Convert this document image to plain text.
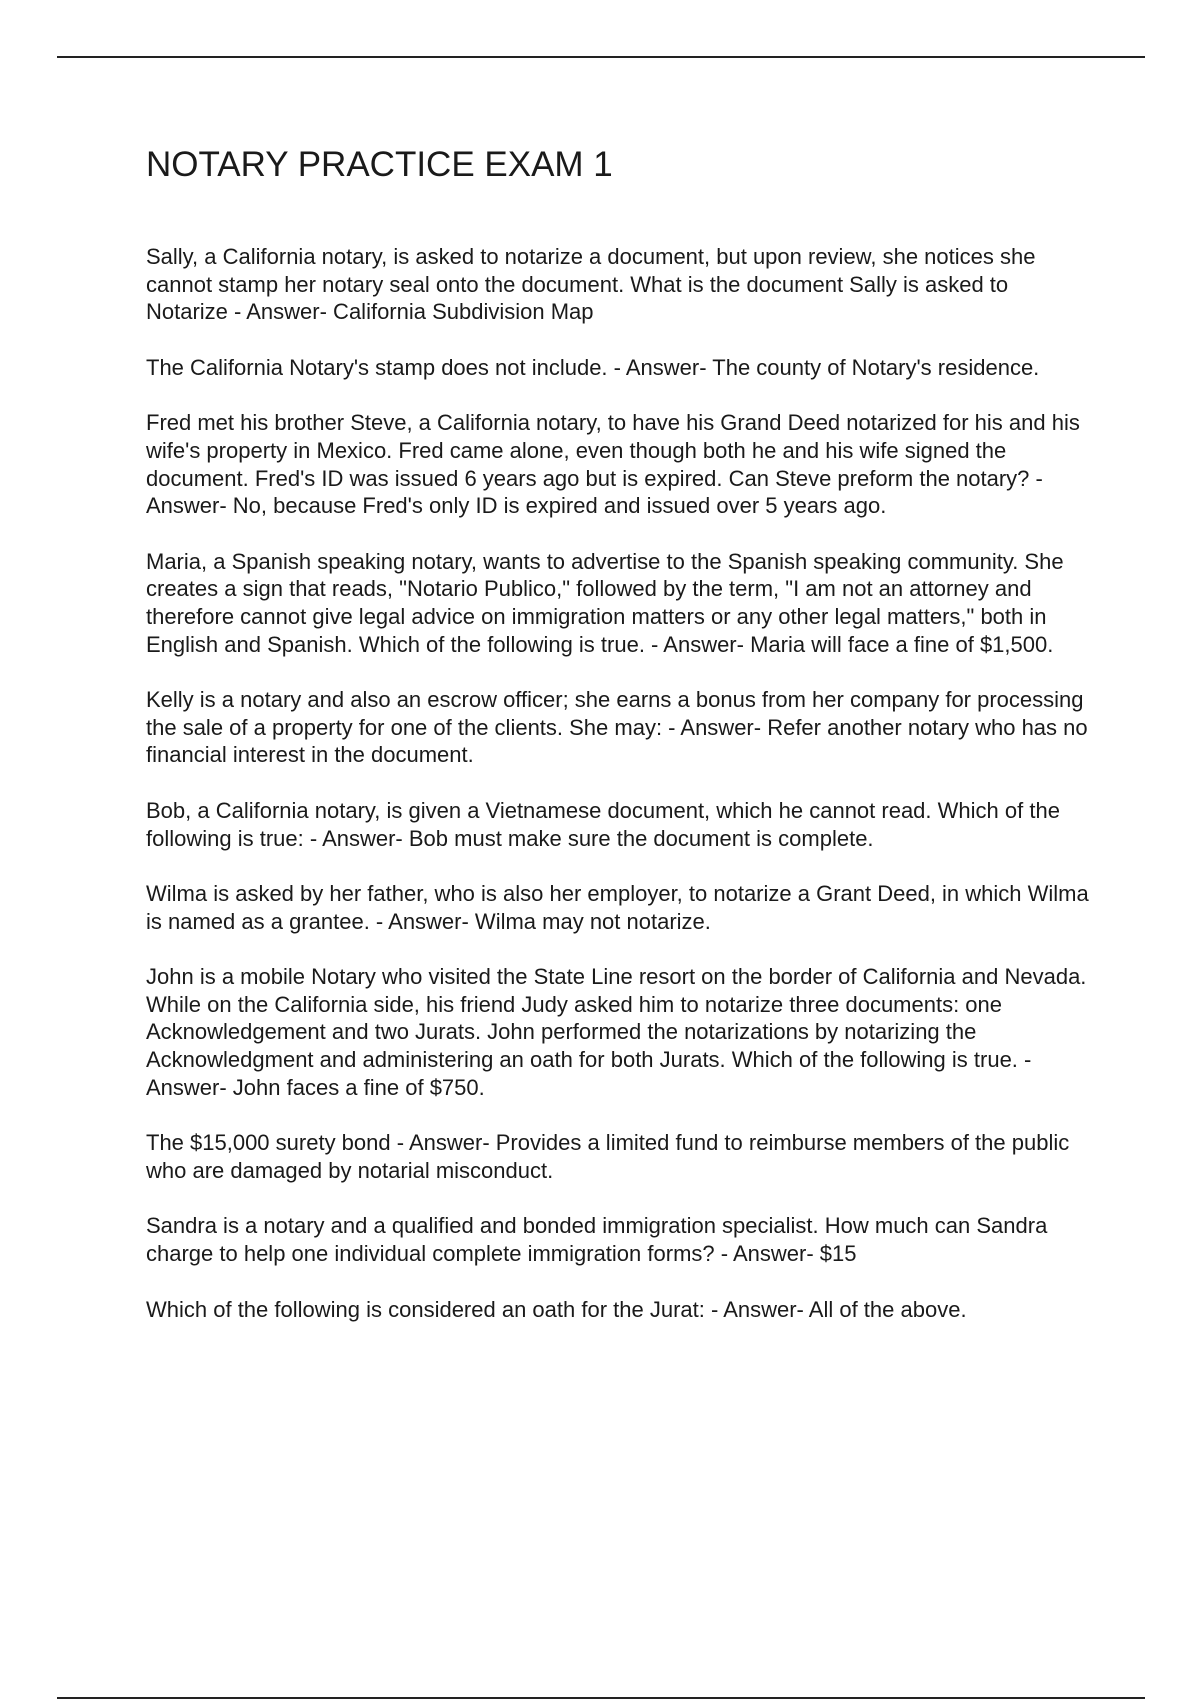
NOTARY PRACTICE EXAM 1

Sally, a California notary, is asked to notarize a document, but upon review, she notices she cannot stamp her notary seal onto the document. What is the document Sally is asked to Notarize - Answer- California Subdivision Map

The California Notary's stamp does not include. - Answer- The county of Notary's residence.

Fred met his brother Steve, a California notary, to have his Grand Deed notarized for his and his wife's property in Mexico. Fred came alone, even though both he and his wife signed the document. Fred's ID was issued 6 years ago but is expired. Can Steve preform the notary? - Answer- No, because Fred's only ID is expired and issued over 5 years ago.

Maria, a Spanish speaking notary, wants to advertise to the Spanish speaking community. She creates a sign that reads, "Notario Publico," followed by the term, "I am not an attorney and therefore cannot give legal advice on immigration matters or any other legal matters," both in English and Spanish. Which of the following is true. - Answer- Maria will face a fine of $1,500.

Kelly is a notary and also an escrow officer; she earns a bonus from her company for processing the sale of a property for one of the clients. She may: - Answer- Refer another notary who has no financial interest in the document.

Bob, a California notary, is given a Vietnamese document, which he cannot read. Which of the following is true: - Answer- Bob must make sure the document is complete.

Wilma is asked by her father, who is also her employer, to notarize a Grant Deed, in which Wilma is named as a grantee. - Answer- Wilma may not notarize.

John is a mobile Notary who visited the State Line resort on the border of California and Nevada. While on the California side, his friend Judy asked him to notarize three documents: one Acknowledgement and two Jurats. John performed the notarizations by notarizing the Acknowledgment and administering an oath for both Jurats. Which of the following is true. - Answer- John faces a fine of $750.

The $15,000 surety bond - Answer- Provides a limited fund to reimburse members of the public who are damaged by notarial misconduct.

Sandra is a notary and a qualified and bonded immigration specialist. How much can Sandra charge to help one individual complete immigration forms? - Answer- $15

Which of the following is considered an oath for the Jurat: - Answer- All of the above.
